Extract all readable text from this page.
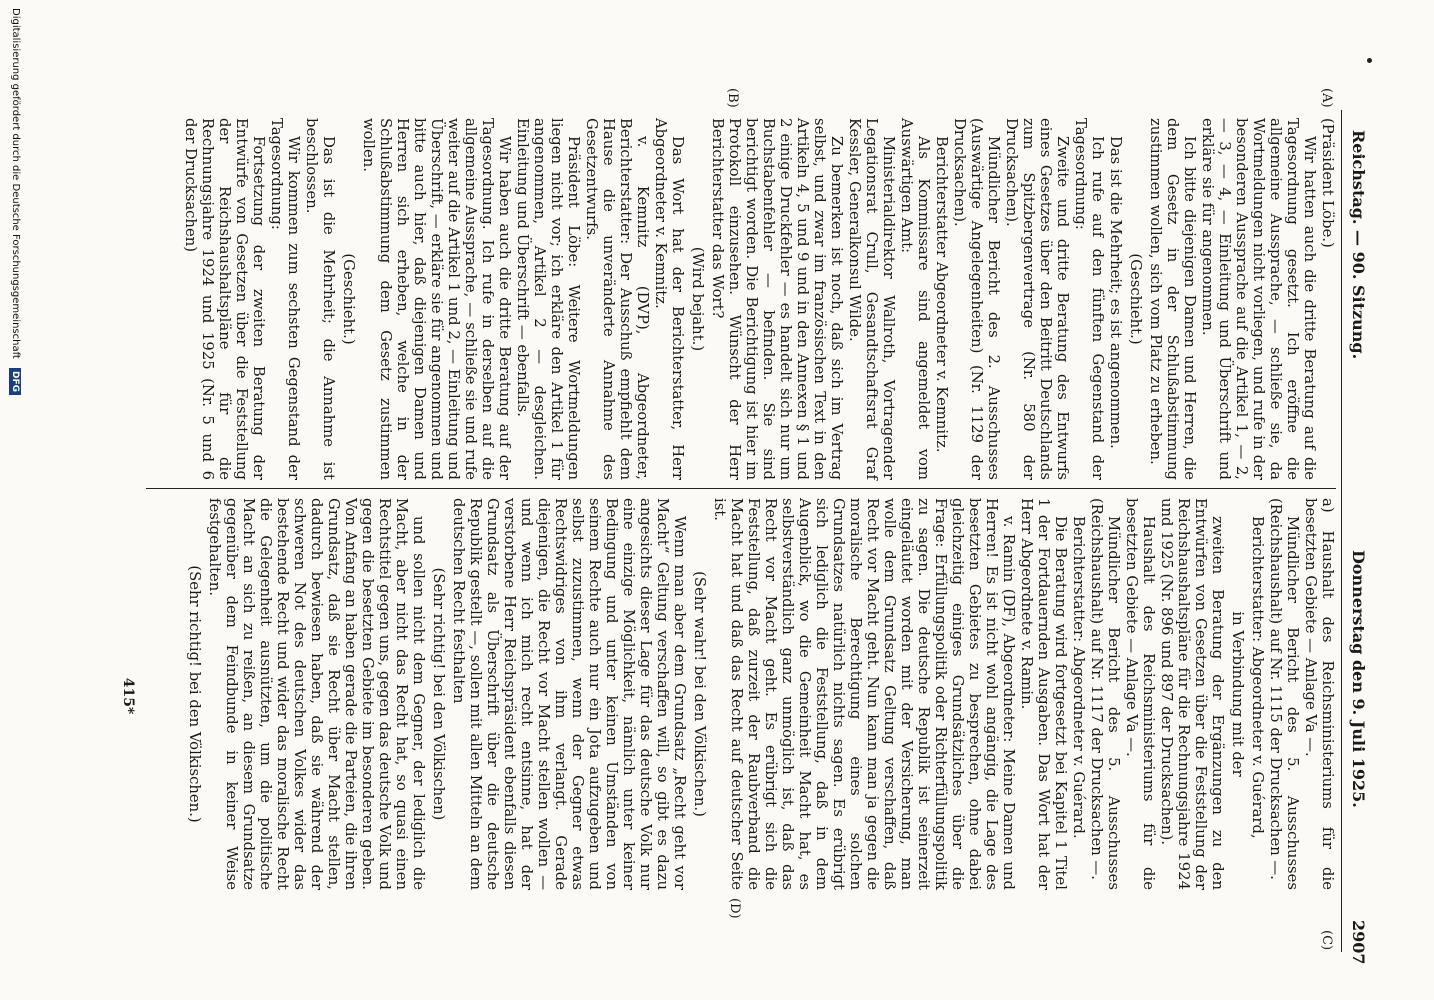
Reichstag. — 90. Sitzung.
Donnerstag den 9. Juli 1925.
2907
(A)
(B)
(C)
(D)

(Präsident Löbe.)

Wir hatten auch die dritte Beratung auf die Tagesordnung gesetzt. Ich eröffne die allgemeine Aussprache, — schließe sie, da Wortmeldungen nicht vorliegen, und rufe in der besonderen Aussprache auf die Artikel 1, — 2, — 3, — 4, — Einleitung und Überschrift und erkläre sie für angenommen.

Ich bitte diejenigen Damen und Herren, die dem Gesetz in der Schlußabstimmung zustimmen wollen, sich vom Platz zu erheben.

(Geschieht.)

Das ist die Mehrheit; es ist angenommen.

Ich rufe auf den fünften Gegenstand der Tagesordnung:

Zweite und dritte Beratung des Entwurfs eines Gesetzes über den Beitritt Deutschlands zum Spitzbergenvertrage (Nr. 580 der Drucksachen).

Mündlicher Bericht des 2. Ausschusses (Auswärtige Angelegenheiten) (Nr. 1129 der Drucksachen).

Berichterstatter Abgeordneter v. Kemnitz.

Als Kommissare sind angemeldet vom Auswärtigen Amt:

Ministerialdirektor Wallroth, Vortragender Legationsrat Crull, Gesandtschaftsrat Graf Kessler, Generalkonsul Wilde.

Zu bemerken ist noch, daß sich im Vertrag selbst, und zwar im französischen Text in den Artikeln 4, 5 und 9 und in den Annexen § 1 und 2 einige Druckfehler — es handelt sich nur um Buchstabenfehler — befinden. Sie sind berichtigt worden. Die Berichtigung ist hier im Protokoll einzusehen. Wünscht der Herr Berichterstatter das Wort?

(Wird bejaht.)

Das Wort hat der Berichterstatter, Herr Abgeordneter v. Kemnitz.

v. Kemnitz (DVP), Abgeordneter, Berichterstatter: Der Ausschuß empfiehlt dem Hause die unveränderte Annahme des Gesetzentwurfs.

Präsident Löbe: Weitere Wortmeldungen liegen nicht vor; ich erkläre den Artikel 1 für angenommen, Artikel 2 — desgleichen. Einleitung und Überschrift — ebenfalls.

Wir haben auch die dritte Beratung auf der Tagesordnung. Ich rufe in derselben auf die allgemeine Aussprache, — schließe sie und rufe weiter auf die Artikel 1 und 2, — Einleitung und Überschrift, — erkläre sie für angenommen und bitte auch hier, daß diejenigen Damen und Herren sich erheben, welche in der Schlußabstimmung dem Gesetz zustimmen wollen.

(Geschieht.)

Das ist die Mehrheit; die Annahme ist beschlossen.

Wir kommen zum sechsten Gegenstand der Tagesordnung:

Fortsetzung der zweiten Beratung der Entwürfe von Gesetzen über die Feststellung der Reichshaushaltspläne für die Rechnungsjahre 1924 und 1925 (Nr. 5 und 6 der Drucksachen)

a) Haushalt des Reichsministeriums für die besetzten Gebiete — Anlage Va —.

Mündlicher Bericht des 5. Ausschusses (Reichshaushalt) auf Nr. 1115 der Drucksachen —.

Berichterstatter: Abgeordneter v. Guérard,

in Verbindung mit der

zweiten Beratung der Ergänzungen zu den Entwürfen von Gesetzen über die Feststellung der Reichshaushaltspläne für die Rechnungsjahre 1924 und 1925 (Nr. 896 und 897 der Drucksachen).

Haushalt des Reichsministeriums für die besetzten Gebiete — Anlage Va —.

Mündlicher Bericht des 5. Ausschusses (Reichshaushalt) auf Nr. 1117 der Drucksachen —.

Berichterstatter: Abgeordneter v. Guérard.

Die Beratung wird fortgesetzt bei Kapitel 1 Titel 1 der Fortdauernden Ausgaben. Das Wort hat der Herr Abgeordnete v. Ramin.

v. Ramin (DF), Abgeordneter: Meine Damen und Herren! Es ist nicht wohl angängig, die Lage des besetzten Gebietes zu besprechen, ohne dabei gleichzeitig einiges Grundsätzliches über die Frage: Erfüllungspolitik oder Richterfüllungspolitik zu sagen. Die deutsche Republik ist seinerzeit eingeläutet worden mit der Versicherung, man wolle dem Grundsatz Geltung verschaffen, daß Recht vor Macht geht. Nun kann man ja gegen die moralische Berechtigung eines solchen Grundsatzes natürlich nichts sagen. Es erübrigt sich lediglich die Feststellung, daß in dem Augenblick, wo die Gemeinheit Macht hat, es selbstverständlich ganz unmöglich ist, daß das Recht vor Macht geht. Es erübrigt sich die Feststellung, daß zurzeit der Raubverband die Macht hat und daß das Recht auf deutscher Seite ist.

(Sehr wahr! bei den Völkischen.)

Wenn man aber dem Grundsatz „Recht geht vor Macht“ Geltung verschaffen will, so gibt es dazu angesichts dieser Lage für das deutsche Volk nur eine einzige Möglichkeit, nämlich unter keiner Bedingung und unter keinen Umständen von seinem Rechte auch nur ein Jota aufzugeben und selbst zuzustimmen, wenn der Gegner etwas Rechtswidriges von ihm verlangt. Gerade diejenigen, die Recht vor Macht stellen wollen — und wenn ich mich recht entsinne, hat der verstorbene Herr Reichspräsident ebenfalls diesen Grundsatz als Überschrift über die deutsche Republik gestellt —, sollen mit allen Mitteln an dem deutschen Recht festhalten

(Sehr richtig! bei den Völkischen)

und sollen nicht dem Gegner, der lediglich die Macht, aber nicht das Recht hat, so quasi einen Rechtstitel gegen uns, gegen das deutsche Volk und gegen die besetzten Gebiete im besonderen geben. Von Anfang an haben gerade die Parteien, die ihren Grundsatz, daß sie Recht über Macht stellen, dadurch bewiesen haben, daß sie während der schweren Not des deutschen Volkes wider das bestehende Recht und wider das moralische Recht die Gelegenheit ausnützten, um die politische Macht an sich zu reißen, an diesem Grundsatze gegenüber dem Feindbunde in keiner Weise festgehalten.

(Sehr richtig! bei den Völkischen.)

415*
Digitalisierung gefördert durch die Deutsche Forschungsgemeinschaft DFG
